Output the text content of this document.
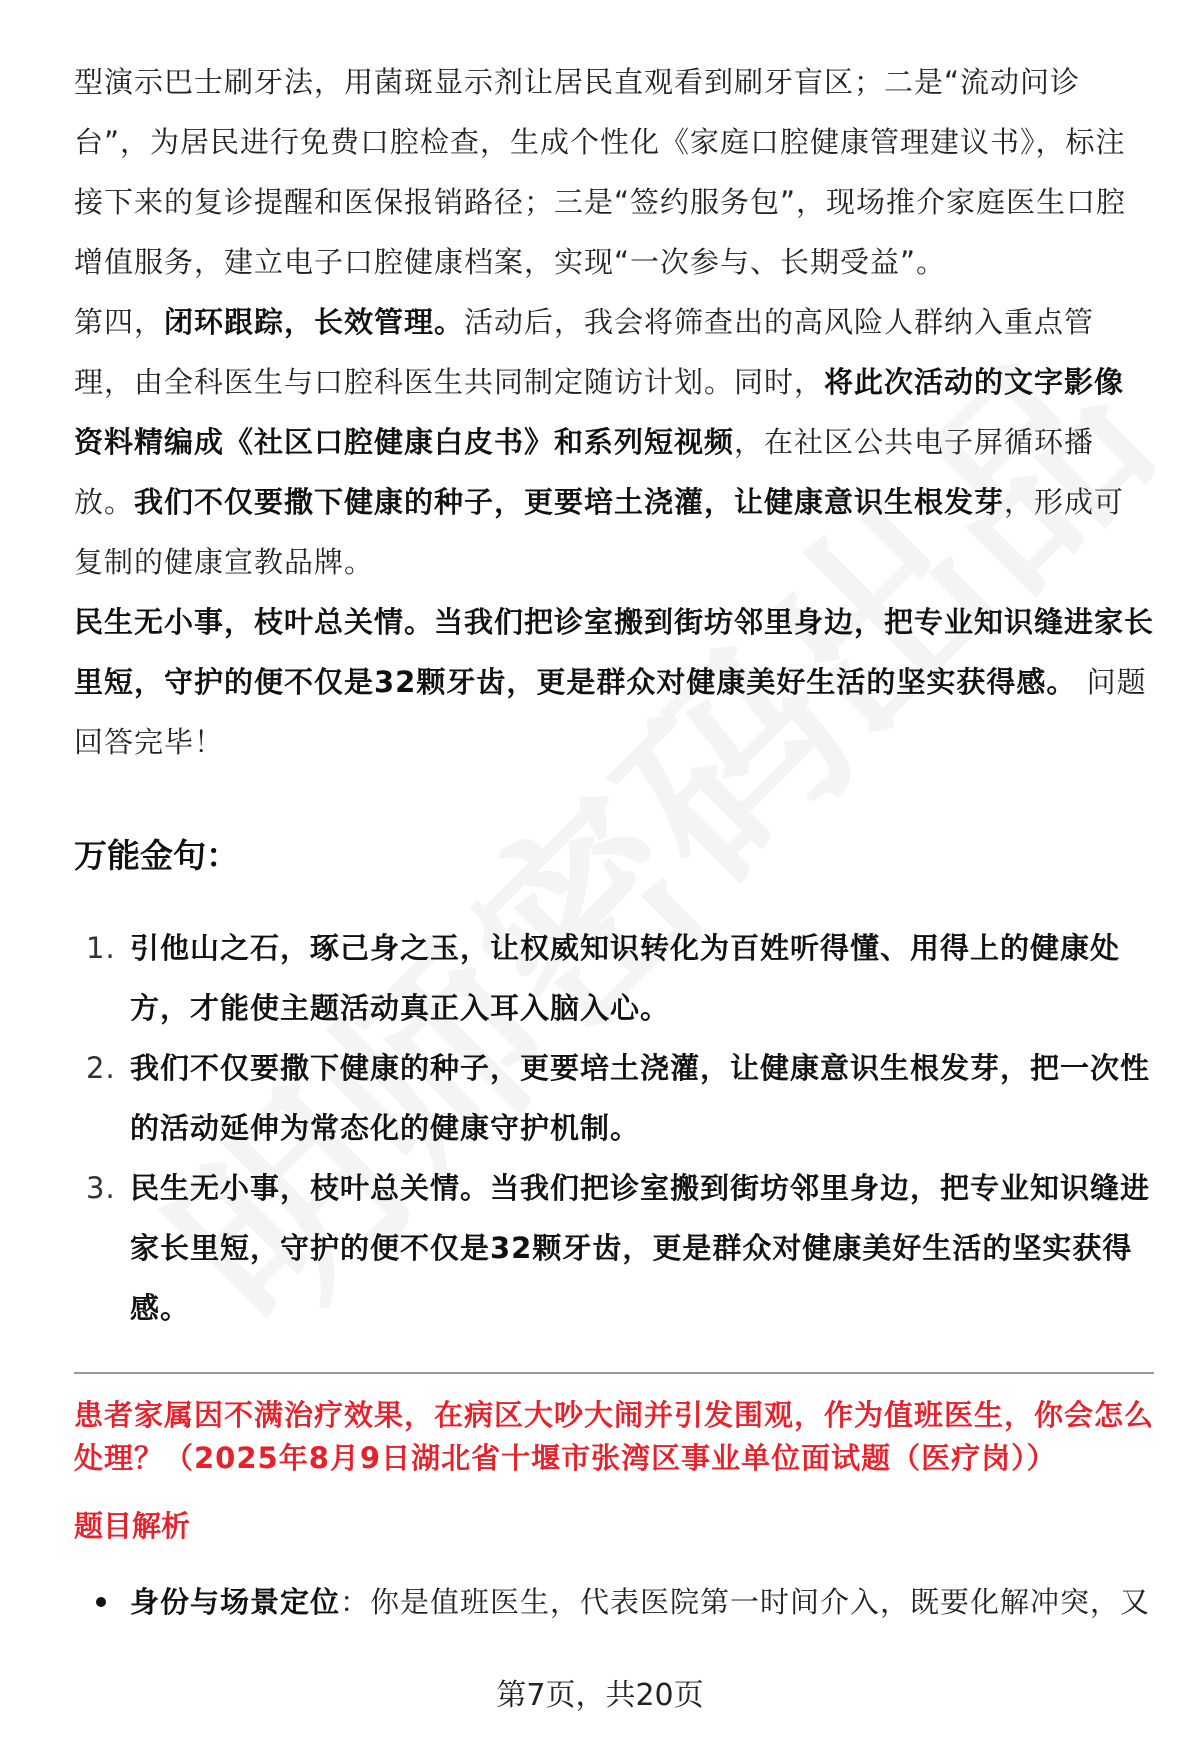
型演示巴士刷牙法，用菌斑显示剂让居民直观看到刷牙盲区；二是“流动问诊台”，为居民进行免费口腔检查，生成个性化《家庭口腔健康管理建议书》，标注接下来的复诊提醒和医保报销路径；三是“签约服务包”，现场推介家庭医生口腔增值服务，建立电子口腔健康档案，实现“一次参与、长期受益”。

第四，闭环跟踪，长效管理。活动后，我会将筛查出的高风险人群纳入重点管理，由全科医生与口腔科医生共同制定随访计划。同时，将此次活动的文字影像资料精编成《社区口腔健康白皮书》和系列短视频，在社区公共电子屏循环播放。我们不仅要撒下健康的种子，更要培土浇灌，让健康意识生根发芽，形成可复制的健康宣教品牌。

民生无小事，枝叶总关情。当我们把诊室搬到街坊邻里身边，把专业知识缝进家长里短，守护的便不仅是32颗牙齿，更是群众对健康美好生活的坚实获得感。 问题回答完毕！

万能金句：
1. 引他山之石，琢己身之玉，让权威知识转化为百姓听得懂、用得上的健康处方，才能使主题活动真正入耳入脑入心。
2. 我们不仅要撒下健康的种子，更要培土浇灌，让健康意识生根发芽，把一次性的活动延伸为常态化的健康守护机制。
3. 民生无小事，枝叶总关情。当我们把诊室搬到街坊邻里身边，把专业知识缝进家长里短，守护的便不仅是32颗牙齿，更是群众对健康美好生活的坚实获得感。

患者家属因不满治疗效果，在病区大吵大闹并引发围观，作为值班医生，你会怎么处理？（2025年8月9日湖北省十堰市张湾区事业单位面试题（医疗岗））

题目解析
身份与场景定位：你是值班医生，代表医院第一时间介入，既要化解冲突，又
第7页，共20页
